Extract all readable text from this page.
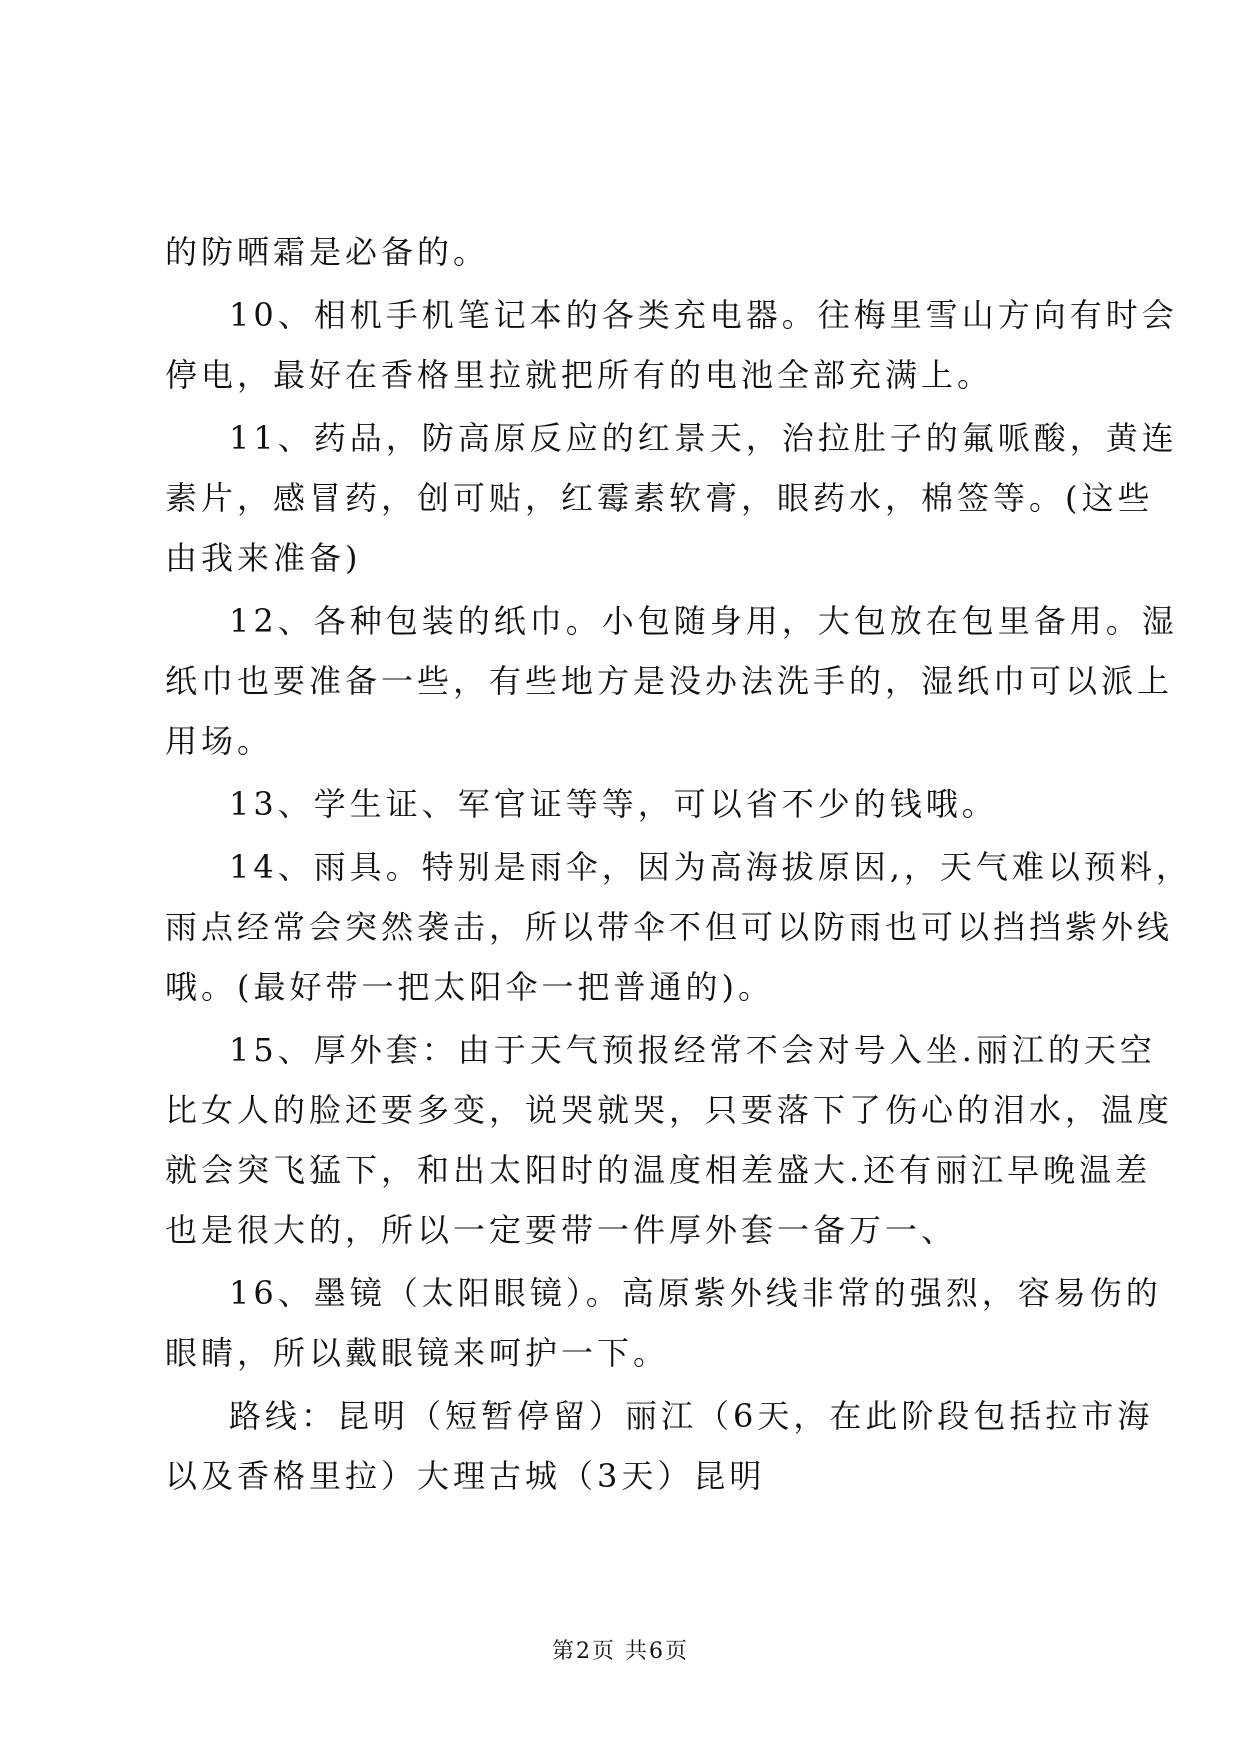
的防晒霜是必备的。
10、相机手机笔记本的各类充电器。往梅里雪山方向有时会
停电，最好在香格里拉就把所有的电池全部充满上。
11、药品，防高原反应的红景天，治拉肚子的氟哌酸，黄连
素片，感冒药，创可贴，红霉素软膏，眼药水，棉签等。(这些
由我来准备)
12、各种包装的纸巾。小包随身用，大包放在包里备用。湿
纸巾也要准备一些，有些地方是没办法洗手的，湿纸巾可以派上
用场。
13、学生证、军官证等等，可以省不少的钱哦。
14、雨具。特别是雨伞，因为高海拔原因,，天气难以预料，
雨点经常会突然袭击，所以带伞不但可以防雨也可以挡挡紫外线
哦。(最好带一把太阳伞一把普通的)。
15、厚外套：由于天气预报经常不会对号入坐.丽江的天空
比女人的脸还要多变，说哭就哭，只要落下了伤心的泪水，温度
就会突飞猛下，和出太阳时的温度相差盛大.还有丽江早晚温差
也是很大的，所以一定要带一件厚外套一备万一、
16、墨镜（太阳眼镜）。高原紫外线非常的强烈，容易伤的
眼睛，所以戴眼镜来呵护一下。
路线：昆明（短暂停留）丽江（6天，在此阶段包括拉市海
以及香格里拉）大理古城（3天）昆明
第2页 共6页
